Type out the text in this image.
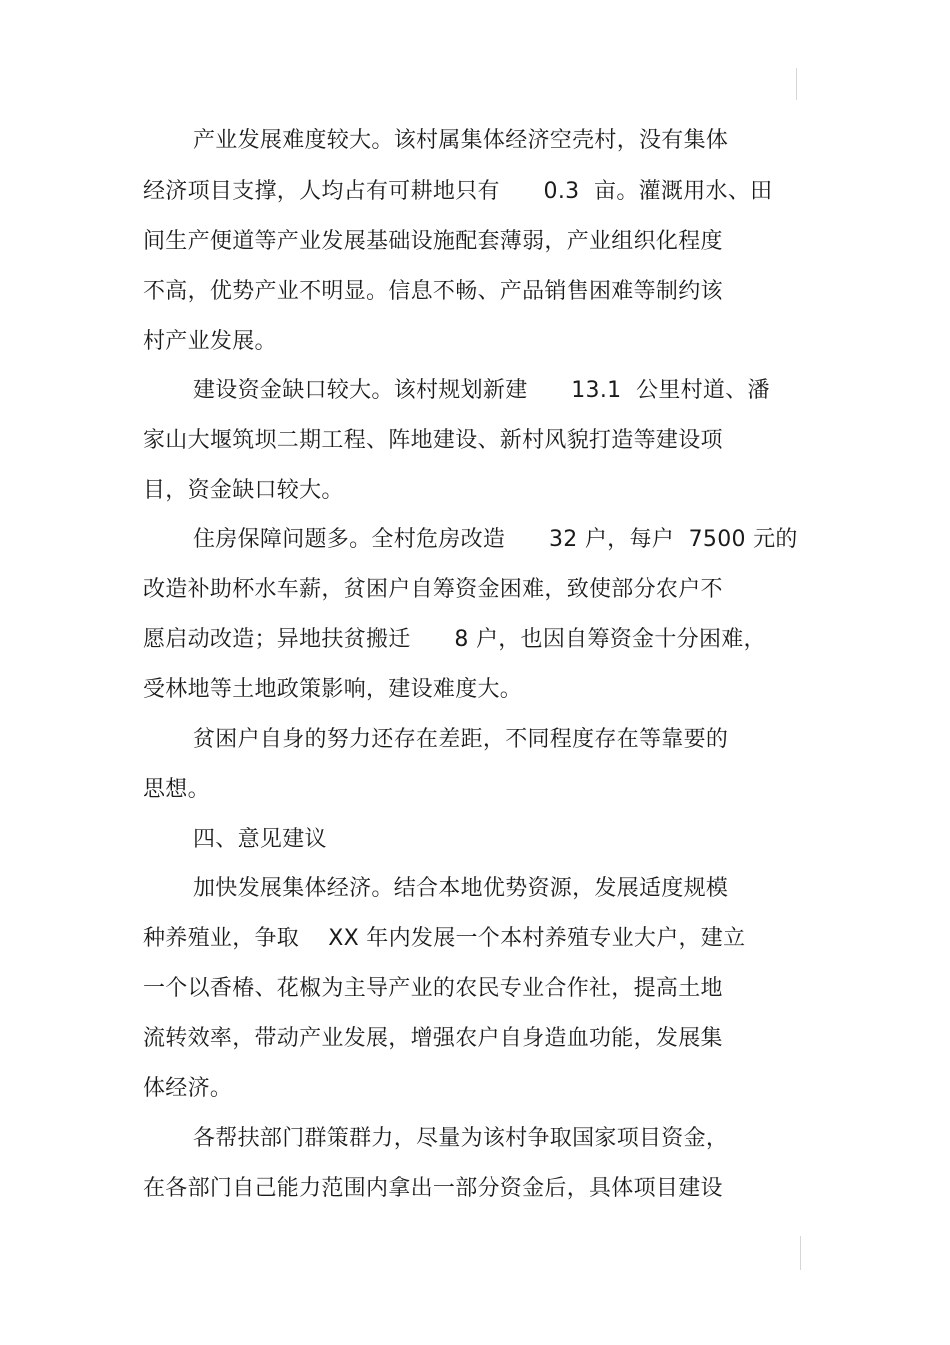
产业发展难度较大。该村属集体经济空壳村，没有集体
经济项目支撑，人均占有可耕地只有      0.3  亩。灌溉用水、田
间生产便道等产业发展基础设施配套薄弱，产业组织化程度
不高，优势产业不明显。信息不畅、产品销售困难等制约该
村产业发展。
建设资金缺口较大。该村规划新建      13.1  公里村道、潘
家山大堰筑坝二期工程、阵地建设、新村风貌打造等建设项
目，资金缺口较大。
住房保障问题多。全村危房改造      32 户，每户  7500 元的
改造补助杯水车薪，贫困户自筹资金困难，致使部分农户不
愿启动改造；异地扶贫搬迁      8 户，也因自筹资金十分困难，
受林地等土地政策影响，建设难度大。
贫困户自身的努力还存在差距，不同程度存在等靠要的
思想。
四、意见建议
加快发展集体经济。结合本地优势资源，发展适度规模
种养殖业，争取    XX 年内发展一个本村养殖专业大户，建立
一个以香椿、花椒为主导产业的农民专业合作社，提高土地
流转效率，带动产业发展，增强农户自身造血功能，发展集
体经济。
各帮扶部门群策群力，尽量为该村争取国家项目资金，
在各部门自己能力范围内拿出一部分资金后，具体项目建设
